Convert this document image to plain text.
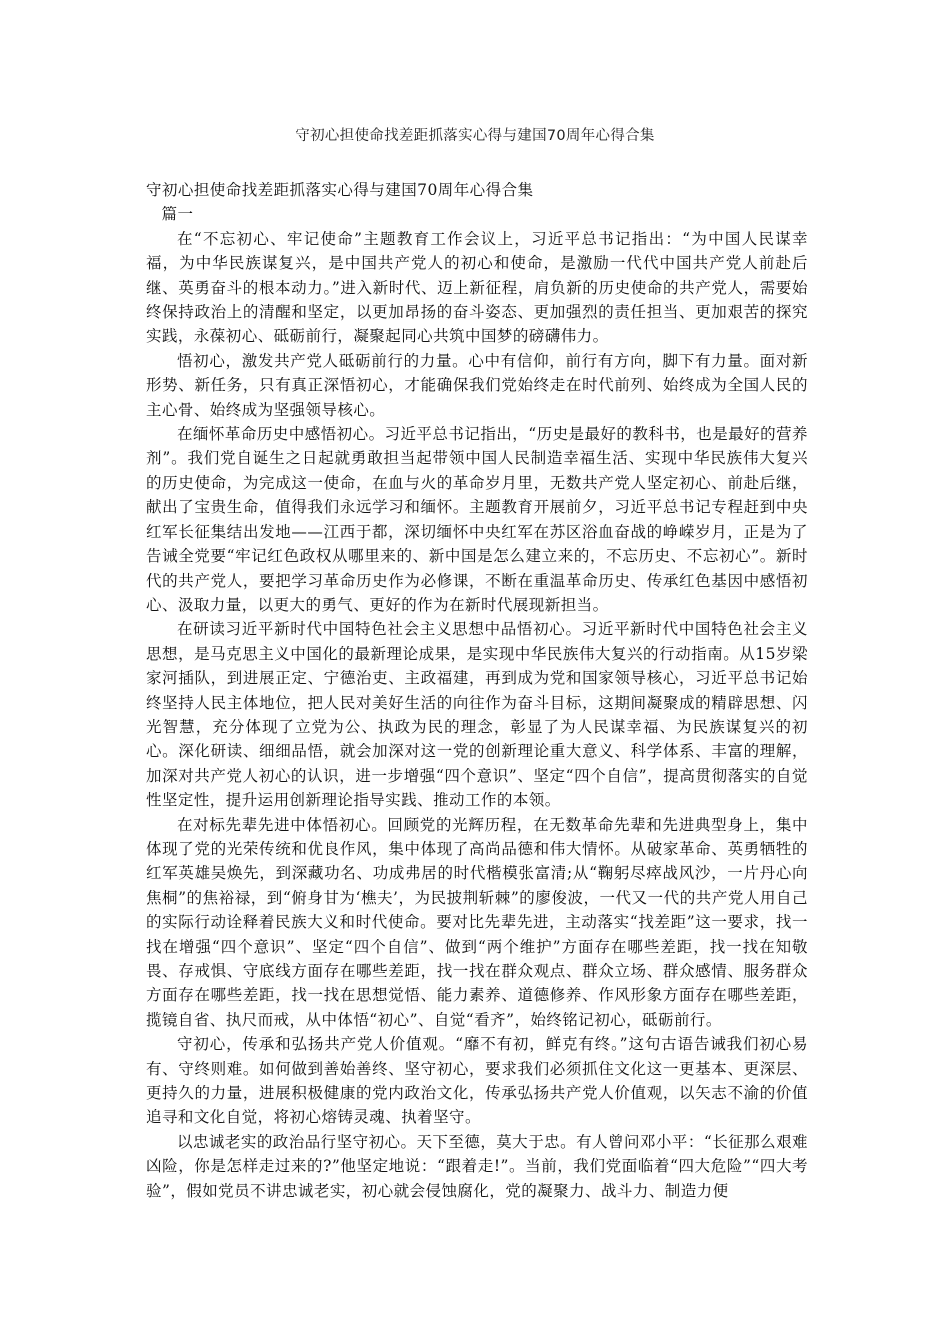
守初心担使命找差距抓落实心得与建国70周年心得合集

守初心担使命找差距抓落实心得与建国70周年心得合集

篇一

在“不忘初心、牢记使命”主题教育工作会议上，习近平总书记指出：“为中国人民谋幸福，为中华民族谋复兴，是中国共产党人的初心和使命，是激励一代代中国共产党人前赴后继、英勇奋斗的根本动力。”进入新时代、迈上新征程，肩负新的历史使命的共产党人，需要始终保持政治上的清醒和坚定，以更加昂扬的奋斗姿态、更加强烈的责任担当、更加艰苦的探究实践，永葆初心、砥砺前行，凝聚起同心共筑中国梦的磅礴伟力。

悟初心，激发共产党人砥砺前行的力量。心中有信仰，前行有方向，脚下有力量。面对新形势、新任务，只有真正深悟初心，才能确保我们党始终走在时代前列、始终成为全国人民的主心骨、始终成为坚强领导核心。

在缅怀革命历史中感悟初心。习近平总书记指出，“历史是最好的教科书，也是最好的营养剂”。我们党自诞生之日起就勇敢担当起带领中国人民制造幸福生活、实现中华民族伟大复兴的历史使命，为完成这一使命，在血与火的革命岁月里，无数共产党人坚定初心、前赴后继，献出了宝贵生命，值得我们永远学习和缅怀。主题教育开展前夕，习近平总书记专程赶到中央红军长征集结出发地——江西于都，深切缅怀中央红军在苏区浴血奋战的峥嵘岁月，正是为了告诫全党要“牢记红色政权从哪里来的、新中国是怎么建立来的，不忘历史、不忘初心”。新时代的共产党人，要把学习革命历史作为必修课，不断在重温革命历史、传承红色基因中感悟初心、汲取力量，以更大的勇气、更好的作为在新时代展现新担当。

在研读习近平新时代中国特色社会主义思想中品悟初心。习近平新时代中国特色社会主义思想，是马克思主义中国化的最新理论成果，是实现中华民族伟大复兴的行动指南。从15岁梁家河插队，到进展正定、宁德治吏、主政福建，再到成为党和国家领导核心，习近平总书记始终坚持人民主体地位，把人民对美好生活的向往作为奋斗目标，这期间凝聚成的精辟思想、闪光智慧，充分体现了立党为公、执政为民的理念，彰显了为人民谋幸福、为民族谋复兴的初心。深化研读、细细品悟，就会加深对这一党的创新理论重大意义、科学体系、丰富的理解，加深对共产党人初心的认识，进一步增强“四个意识”、坚定“四个自信”，提高贯彻落实的自觉性坚定性，提升运用创新理论指导实践、推动工作的本领。

在对标先辈先进中体悟初心。回顾党的光辉历程，在无数革命先辈和先进典型身上，集中体现了党的光荣传统和优良作风，集中体现了高尚品德和伟大情怀。从破家革命、英勇牺牲的红军英雄吴焕先，到深藏功名、功成弗居的时代楷模张富清;从“鞠躬尽瘁战风沙，一片丹心向焦桐”的焦裕禄，到“俯身甘为‘樵夫’，为民披荆斩棘”的廖俊波，一代又一代的共产党人用自己的实际行动诠释着民族大义和时代使命。要对比先辈先进，主动落实“找差距”这一要求，找一找在增强“四个意识”、坚定“四个自信”、做到“两个维护”方面存在哪些差距，找一找在知敬畏、存戒惧、守底线方面存在哪些差距，找一找在群众观点、群众立场、群众感情、服务群众方面存在哪些差距，找一找在思想觉悟、能力素养、道德修养、作风形象方面存在哪些差距，揽镜自省、执尺而戒，从中体悟“初心”、自觉“看齐”，始终铭记初心，砥砺前行。

守初心，传承和弘扬共产党人价值观。“靡不有初，鲜克有终。”这句古语告诫我们初心易有、守终则难。如何做到善始善终、坚守初心，要求我们必须抓住文化这一更基本、更深层、更持久的力量，进展积极健康的党内政治文化，传承弘扬共产党人价值观，以矢志不渝的价值追寻和文化自觉，将初心熔铸灵魂、执着坚守。

以忠诚老实的政治品行坚守初心。天下至德，莫大于忠。有人曾问邓小平：“长征那么艰难凶险，你是怎样走过来的?”他坚定地说：“跟着走!”。当前，我们党面临着“四大危险”“四大考验”，假如党员不讲忠诚老实，初心就会侵蚀腐化，党的凝聚力、战斗力、制造力便
